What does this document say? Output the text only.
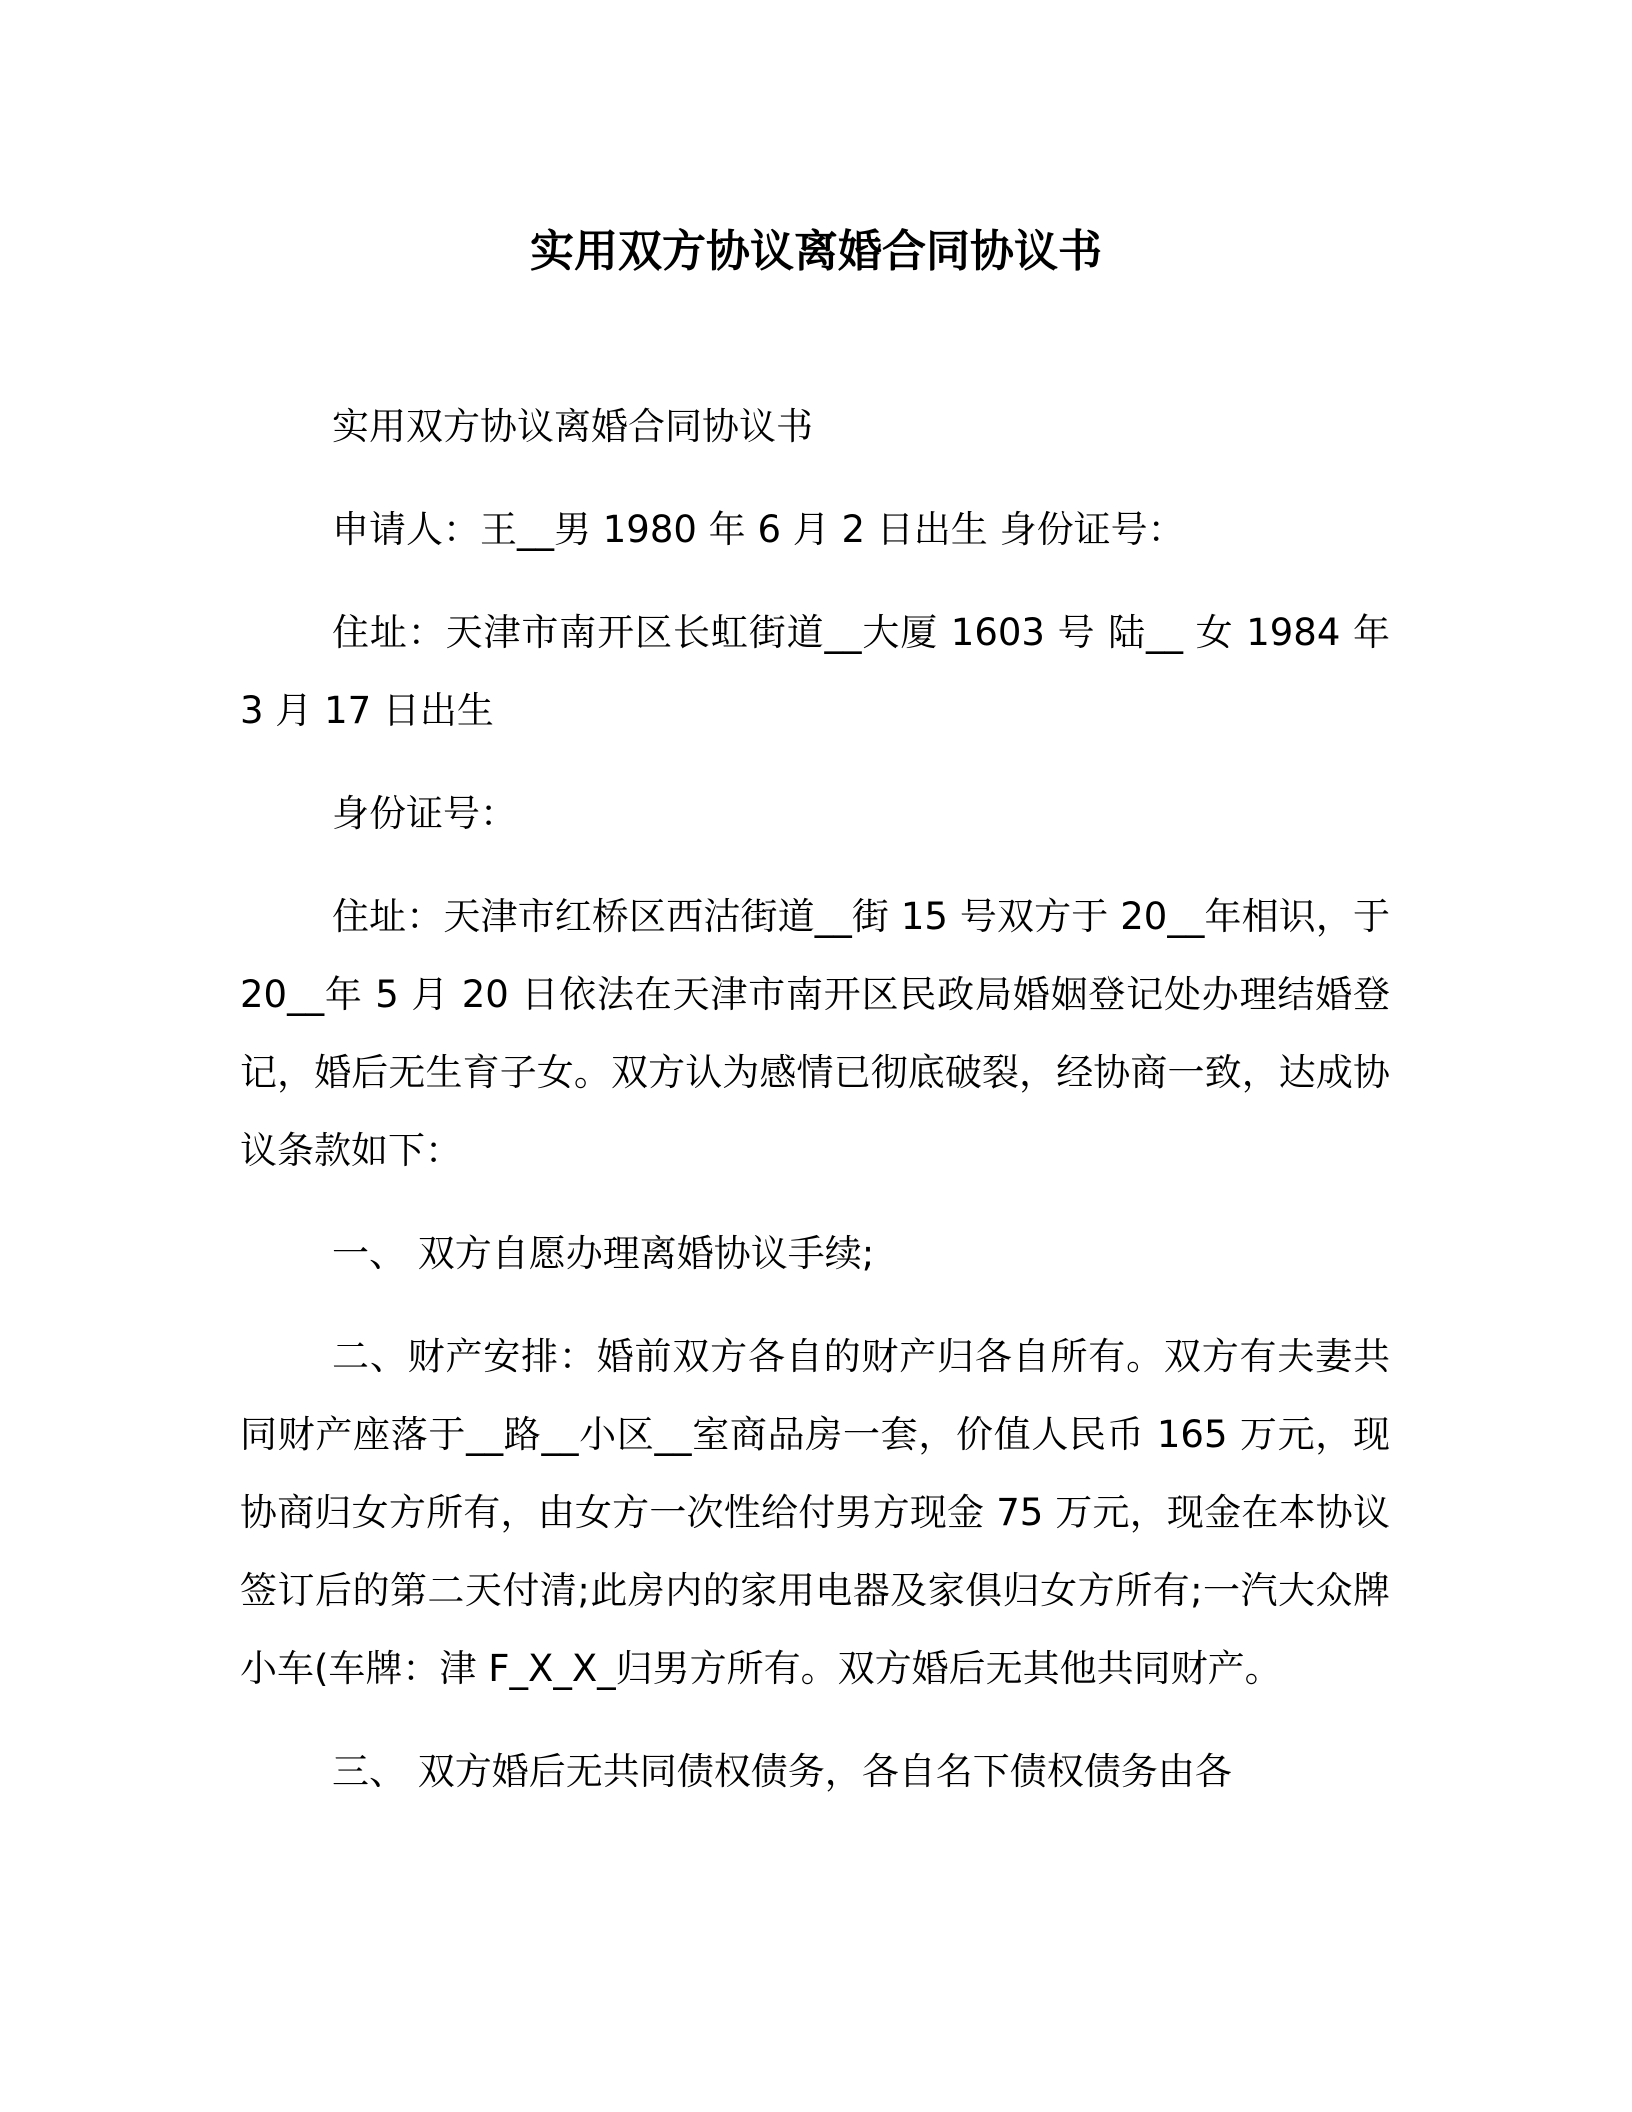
实用双方协议离婚合同协议书

实用双方协议离婚合同协议书

申请人：王__男 1980 年 6 月 2 日出生 身份证号：

住址：天津市南开区长虹街道__大厦 1603 号 陆__ 女 1984 年 3 月 17 日出生

身份证号：

住址：天津市红桥区西沽街道__街 15 号双方于 20__年相识，于 20__年 5 月 20 日依法在天津市南开区民政局婚姻登记处办理结婚登记，婚后无生育子女。双方认为感情已彻底破裂，经协商一致，达成协议条款如下：

一、 双方自愿办理离婚协议手续;

二、财产安排：婚前双方各自的财产归各自所有。双方有夫妻共同财产座落于__路__小区__室商品房一套，价值人民币 165 万元，现协商归女方所有，由女方一次性给付男方现金 75 万元，现金在本协议签订后的第二天付清;此房内的家用电器及家俱归女方所有;一汽大众牌小车(车牌：津 F_X_X_归男方所有。双方婚后无其他共同财产。

三、 双方婚后无共同债权债务，各自名下债权债务由各
